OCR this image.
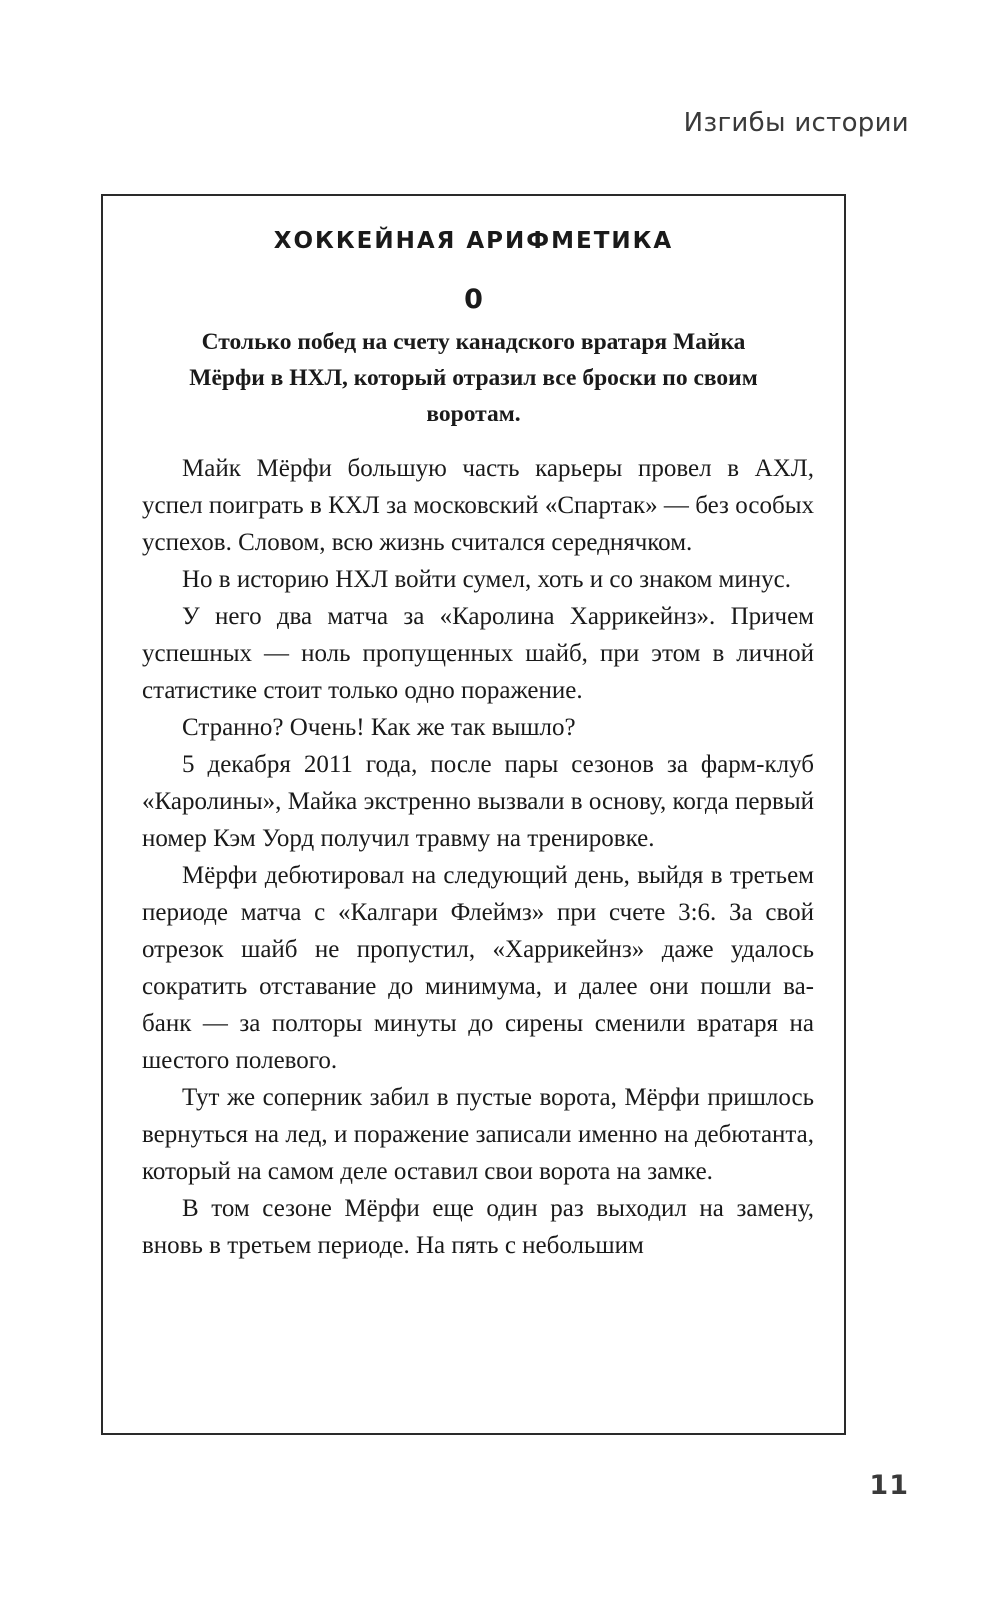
Изгибы истории
ХОККЕЙНАЯ АРИФМЕТИКА
0
Столько побед на счету канадского вратаря Майка Мёрфи в НХЛ, который отразил все броски по своим воротам.

Майк Мёрфи большую часть карьеры провел в АХЛ, успел поиграть в КХЛ за московский «Спартак» — без особых успехов. Словом, всю жизнь считался середнячком.

Но в историю НХЛ войти сумел, хоть и со знаком минус.

У него два матча за «Каролина Харрикейнз». Причем успешных — ноль пропущенных шайб, при этом в личной статистике стоит только одно поражение.

Странно? Очень! Как же так вышло?

5 декабря 2011 года, после пары сезонов за фарм-клуб «Каролины», Майка экстренно вызвали в основу, когда первый номер Кэм Уорд получил травму на тренировке.

Мёрфи дебютировал на следующий день, выйдя в третьем периоде матча с «Калгари Флеймз» при счете 3:6. За свой отрезок шайб не пропустил, «Харрикейнз» даже удалось сократить отставание до минимума, и далее они пошли ва-банк — за полторы минуты до сирены сменили вратаря на шестого полевого.

Тут же соперник забил в пустые ворота, Мёрфи пришлось вернуться на лед, и поражение записали именно на дебютанта, который на самом деле оставил свои ворота на замке.

В том сезоне Мёрфи еще один раз выходил на замену, вновь в третьем периоде. На пять с небольшим

11
